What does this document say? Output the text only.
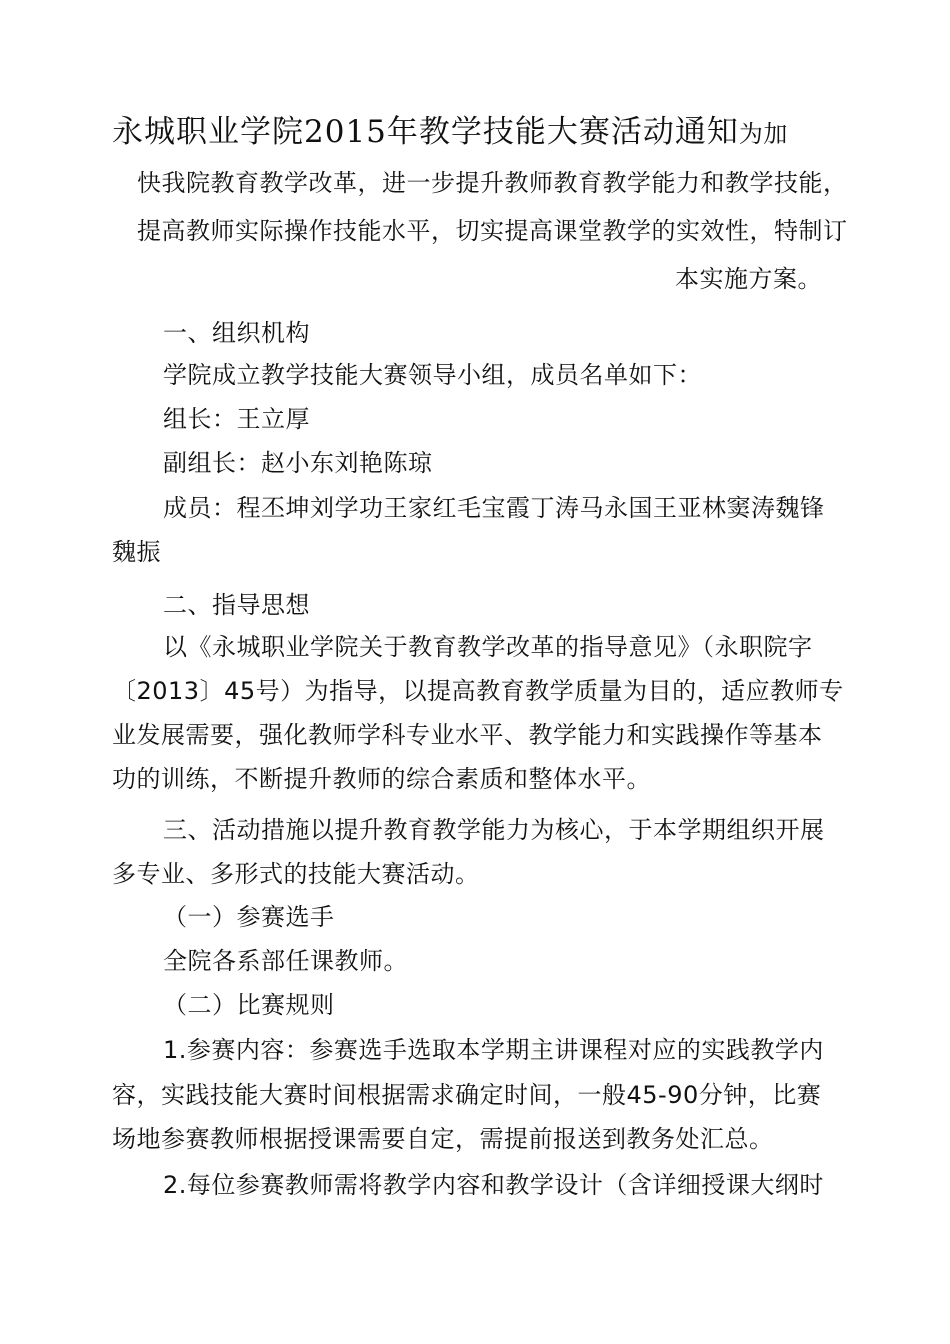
永城职业学院2015年教学技能大赛活动通知为加
快我院教育教学改革，进一步提升教师教育教学能力和教学技能，
提高教师实际操作技能水平，切实提高课堂教学的实效性，特制订
本实施方案。
一、组织机构
学院成立教学技能大赛领导小组，成员名单如下：
组长：王立厚
副组长：赵小东刘艳陈琼
成员：程丕坤刘学功王家红毛宝霞丁涛马永国王亚林窦涛魏锋
魏振
二、指导思想
以《永城职业学院关于教育教学改革的指导意见》（永职院字
〔2013〕45号）为指导，以提高教育教学质量为目的，适应教师专
业发展需要，强化教师学科专业水平、教学能力和实践操作等基本
功的训练，不断提升教师的综合素质和整体水平。
三、活动措施以提升教育教学能力为核心，于本学期组织开展
多专业、多形式的技能大赛活动。
（一）参赛选手
全院各系部任课教师。
（二）比赛规则
1.参赛内容：参赛选手选取本学期主讲课程对应的实践教学内
容，实践技能大赛时间根据需求确定时间，一般45-90分钟，比赛
场地参赛教师根据授课需要自定，需提前报送到教务处汇总。
2.每位参赛教师需将教学内容和教学设计（含详细授课大纲时
